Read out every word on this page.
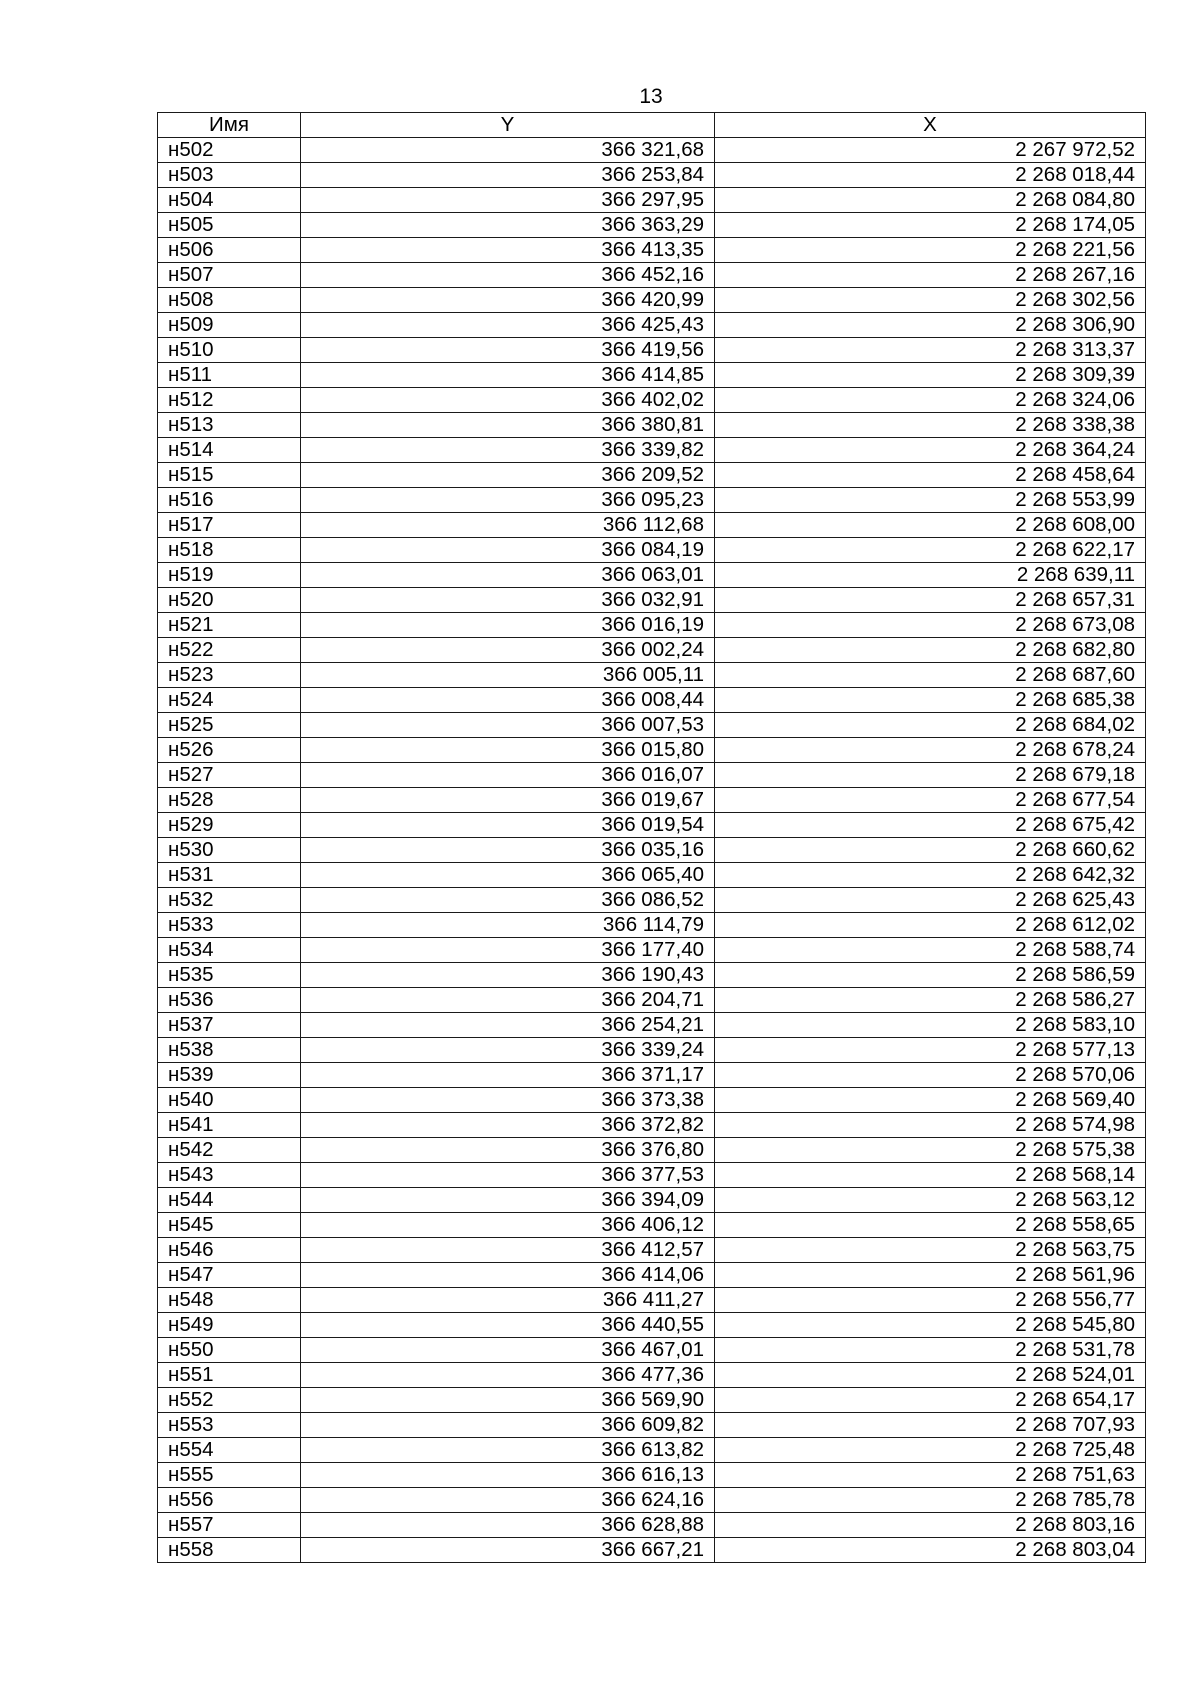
13
Имя	Y	X
н502	366 321,68	2 267 972,52
н503	366 253,84	2 268 018,44
н504	366 297,95	2 268 084,80
н505	366 363,29	2 268 174,05
н506	366 413,35	2 268 221,56
н507	366 452,16	2 268 267,16
н508	366 420,99	2 268 302,56
н509	366 425,43	2 268 306,90
н510	366 419,56	2 268 313,37
н511	366 414,85	2 268 309,39
н512	366 402,02	2 268 324,06
н513	366 380,81	2 268 338,38
н514	366 339,82	2 268 364,24
н515	366 209,52	2 268 458,64
н516	366 095,23	2 268 553,99
н517	366 112,68	2 268 608,00
н518	366 084,19	2 268 622,17
н519	366 063,01	2 268 639,11
н520	366 032,91	2 268 657,31
н521	366 016,19	2 268 673,08
н522	366 002,24	2 268 682,80
н523	366 005,11	2 268 687,60
н524	366 008,44	2 268 685,38
н525	366 007,53	2 268 684,02
н526	366 015,80	2 268 678,24
н527	366 016,07	2 268 679,18
н528	366 019,67	2 268 677,54
н529	366 019,54	2 268 675,42
н530	366 035,16	2 268 660,62
н531	366 065,40	2 268 642,32
н532	366 086,52	2 268 625,43
н533	366 114,79	2 268 612,02
н534	366 177,40	2 268 588,74
н535	366 190,43	2 268 586,59
н536	366 204,71	2 268 586,27
н537	366 254,21	2 268 583,10
н538	366 339,24	2 268 577,13
н539	366 371,17	2 268 570,06
н540	366 373,38	2 268 569,40
н541	366 372,82	2 268 574,98
н542	366 376,80	2 268 575,38
н543	366 377,53	2 268 568,14
н544	366 394,09	2 268 563,12
н545	366 406,12	2 268 558,65
н546	366 412,57	2 268 563,75
н547	366 414,06	2 268 561,96
н548	366 411,27	2 268 556,77
н549	366 440,55	2 268 545,80
н550	366 467,01	2 268 531,78
н551	366 477,36	2 268 524,01
н552	366 569,90	2 268 654,17
н553	366 609,82	2 268 707,93
н554	366 613,82	2 268 725,48
н555	366 616,13	2 268 751,63
н556	366 624,16	2 268 785,78
н557	366 628,88	2 268 803,16
н558	366 667,21	2 268 803,04
